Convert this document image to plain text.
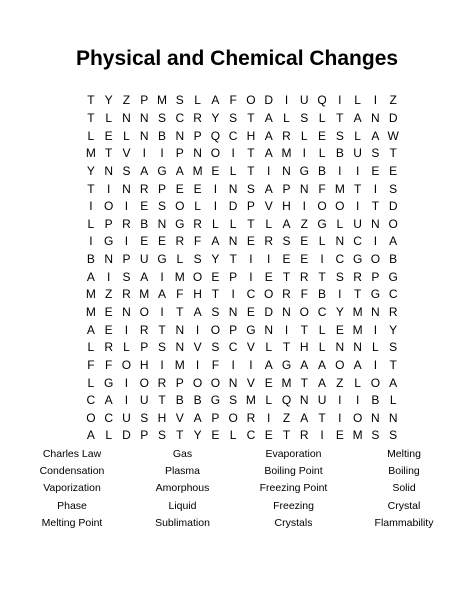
Physical and Chemical Changes
T Y Z P M S L A F O D I U Q I	L	I	Z
T L N N S C R Y S T A L S L T A N D
L E L N B N P Q C H A R L E S L A W
M T V	I	I	P N O I	T A M I	L B U S T
Y N S A G A M E L T	I N G B	I	I	E E
T	I N R P E E	I N S A P N F M T	I	S
I O I	E S O L	I D P V H I O O I	T D
L P R B N G R L L T L A Z G L U N O
I G I	E E R F A N E R S E L N C I	A
B N P U G L S Y T	I	I	E E	I C G O B
A	I	S A	I M O E P	I	E T R T S R P G
M Z R M A F H T	I C O R F B	I	T G C
M E N O I	T A S N E D N O C Y M N R
A E	I R T N I O P G N I	T L E M I	Y
L R L P S N V S C V L T H L N N L S
F F O H I M I	F	I	I	A G A A O A	I	T
L G I O R P O O N V E M T A Z L O A
C A	I U T B B G S M L Q N U I	I	B L
O C U S H V A P O R I	Z A T	I O N N
A L D P S T Y E L C E T R I	E M S S
Charles Law	Gas	Evaporation	Melting
Condensation	Plasma	Boiling Point	Boiling
Vaporization	Amorphous	Freezing Point	Solid
Phase	Liquid	Freezing	Crystal
Melting Point	Sublimation	Crystals	Flammability
